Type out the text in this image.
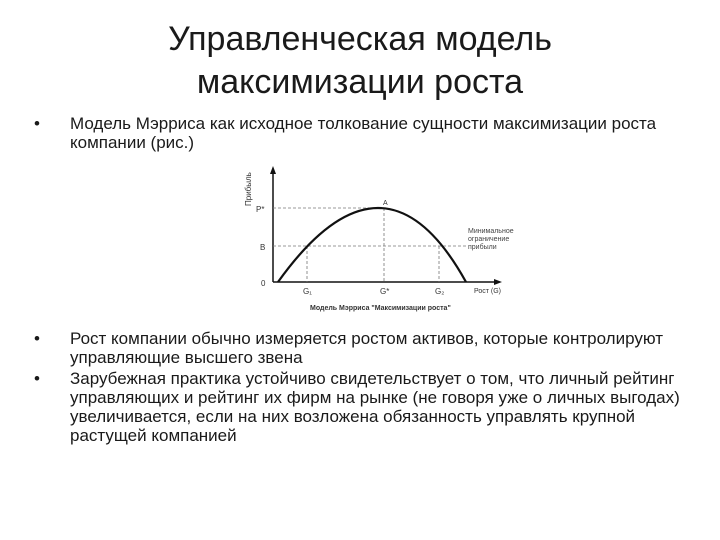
Управленческая модель
максимизации роста
•	Модель Мэрриса как исходное толкование сущности максимизации роста компании (рис.)
Прибыль
P*
B
0
A
G₁	G*	G₂	Рост (G)
Минимальное ограничение прибыли
Модель Мэрриса "Максимизации роста"
•	Рост компании обычно измеряется ростом активов, которые контролируют управляющие высшего звена
•	Зарубежная практика устойчиво свидетельствует о том, что личный рейтинг управляющих и рейтинг их фирм на рынке (не говоря уже о личных выгодах) увеличивается, если на них возложена обязанность управлять крупной растущей компанией
